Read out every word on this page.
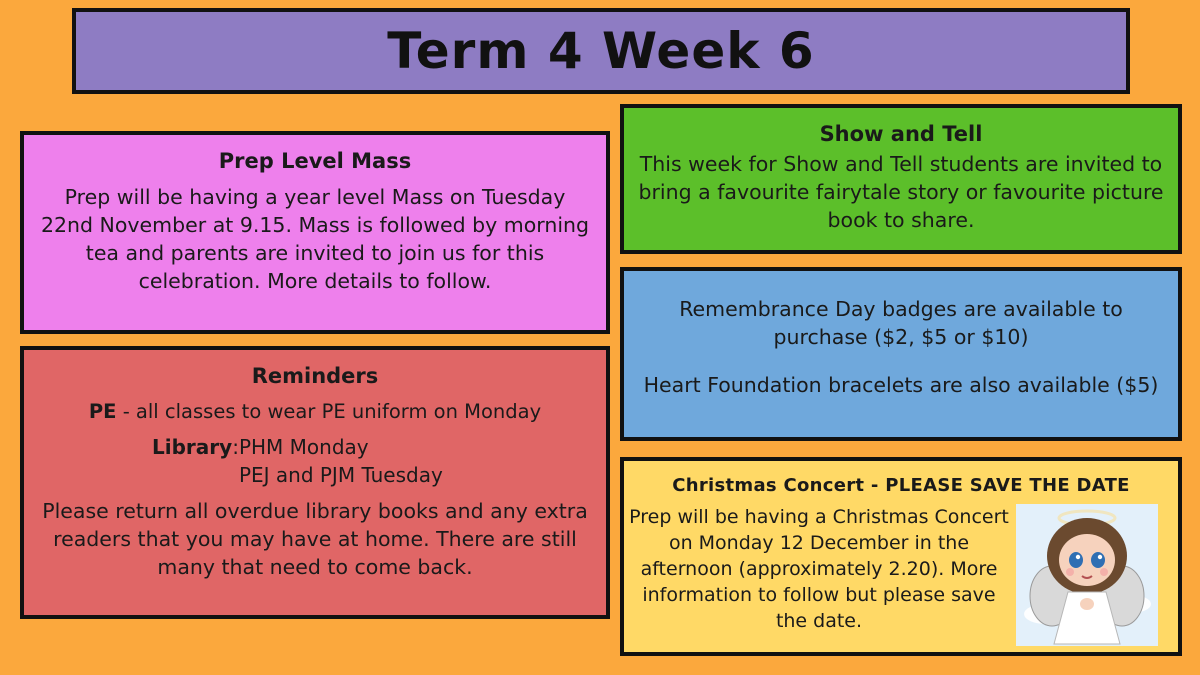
Term 4 Week 6
Prep Level Mass
Prep will be having a year level Mass on Tuesday 22nd November at 9.15. Mass is followed by morning tea and parents are invited to join us for this celebration. More details to follow.
Reminders
PE - all classes to wear PE uniform on Monday
Library: PHM Monday
PEJ and PJM Tuesday
Please return all overdue library books and any extra readers that you may have at home. There are still many that need to come back.
Show and Tell
This week for Show and Tell students are invited to bring a favourite fairytale story or favourite picture book to share.
Remembrance Day badges are available to purchase ($2, $5 or $10)
Heart Foundation bracelets are also available ($5)
Christmas Concert - PLEASE SAVE THE DATE
Prep will be having a Christmas Concert on Monday 12 December in the afternoon (approximately 2.20). More information to follow but please save the date.
